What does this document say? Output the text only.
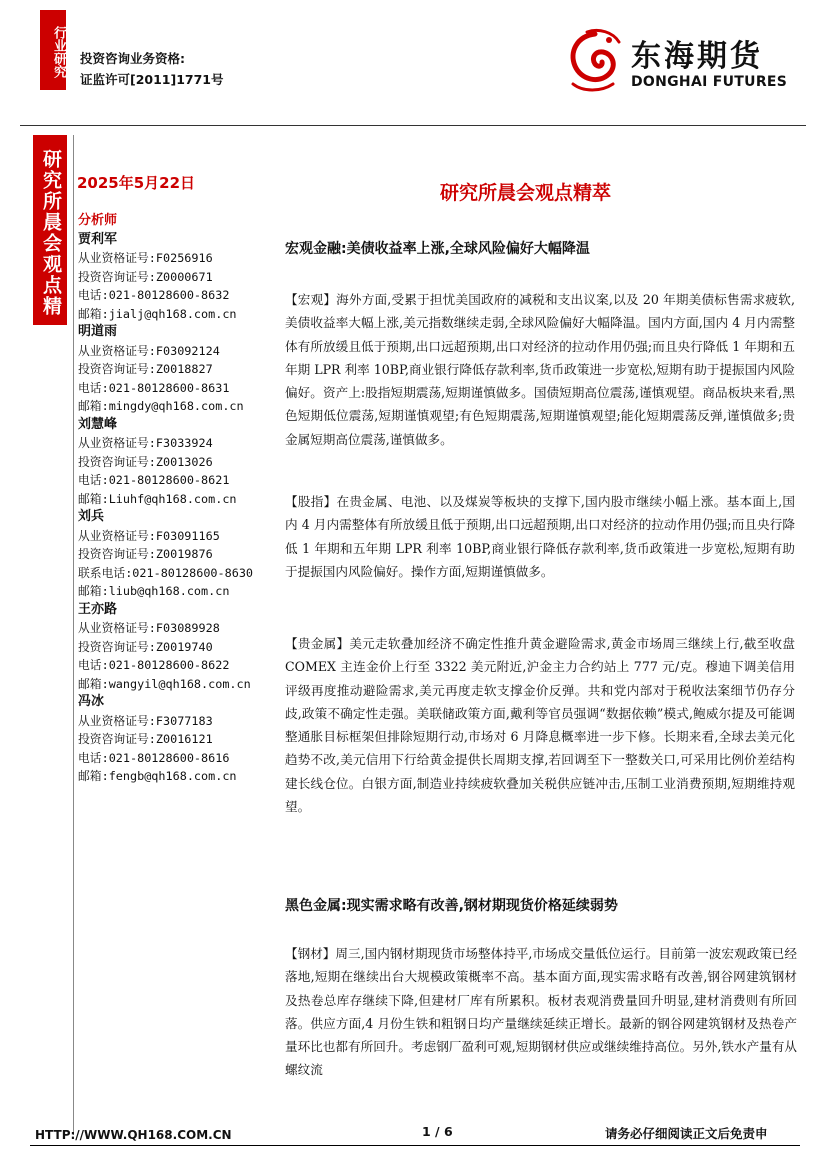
行业研究 投资咨询业务资格:
证监许可[2011]1771号
东海期货
DONGHAI FUTURES
研究所晨会观点精萃
2025年5月22日	研究所晨会观点精萃
分析师
贾利军
从业资格证号:F0256916
投资咨询证号:Z0000671
电话:021-80128600-8632
邮箱:jialj@qh168.com.cn
明道雨
从业资格证号:F03092124
投资咨询证号:Z0018827
电话:021-80128600-8631
邮箱:mingdy@qh168.com.cn
刘慧峰
从业资格证号:F3033924
投资咨询证号:Z0013026
电话:021-80128600-8621
邮箱:Liuhf@qh168.com.cn
刘兵
从业资格证号:F03091165
投资咨询证号:Z0019876
联系电话:021-80128600-8630
邮箱:liub@qh168.com.cn
王亦路
从业资格证号:F03089928
投资咨询证号:Z0019740
电话:021-80128600-8622
邮箱:wangyil@qh168.com.cn
冯冰
从业资格证号:F3077183
投资咨询证号:Z0016121
电话:021-80128600-8616
邮箱:fengb@qh168.com.cn
宏观金融:美债收益率上涨,全球风险偏好大幅降温
【宏观】海外方面,受累于担忧美国政府的减税和支出议案,以及 20 年期美债标售需求疲软,美债收益率大幅上涨,美元指数继续走弱,全球风险偏好大幅降温。国内方面,国内 4 月内需整体有所放缓且低于预期,出口远超预期,出口对经济的拉动作用仍强;而且央行降低 1 年期和五年期 LPR 利率 10BP,商业银行降低存款利率,货币政策进一步宽松,短期有助于提振国内风险偏好。资产上:股指短期震荡,短期谨慎做多。国债短期高位震荡,谨慎观望。商品板块来看,黑色短期低位震荡,短期谨慎观望;有色短期震荡,短期谨慎观望;能化短期震荡反弹,谨慎做多;贵金属短期高位震荡,谨慎做多。
【股指】在贵金属、电池、以及煤炭等板块的支撑下,国内股市继续小幅上涨。基本面上,国内 4 月内需整体有所放缓且低于预期,出口远超预期,出口对经济的拉动作用仍强;而且央行降低 1 年期和五年期 LPR 利率 10BP,商业银行降低存款利率,货币政策进一步宽松,短期有助于提振国内风险偏好。操作方面,短期谨慎做多。
【贵金属】美元走软叠加经济不确定性推升黄金避险需求,黄金市场周三继续上行,截至收盘 COMEX 主连金价上行至 3322 美元附近,沪金主力合约站上 777 元/克。穆迪下调美信用评级再度推动避险需求,美元再度走软支撑金价反弹。共和党内部对于税收法案细节仍存分歧,政策不确定性走强。美联储政策方面,戴利等官员强调“数据依赖”模式,鲍威尔提及可能调整通胀目标框架但排除短期行动,市场对 6 月降息概率进一步下修。长期来看,全球去美元化趋势不改,美元信用下行给黄金提供长周期支撑,若回调至下一整数关口,可采用比例价差结构建长线仓位。白银方面,制造业持续疲软叠加关税供应链冲击,压制工业消费预期,短期维持观望。
黑色金属:现实需求略有改善,钢材期现货价格延续弱势
【钢材】周三,国内钢材期现货市场整体持平,市场成交量低位运行。目前第一波宏观政策已经落地,短期在继续出台大规模政策概率不高。基本面方面,现实需求略有改善,钢谷网建筑钢材及热卷总库存继续下降,但建材厂库有所累积。板材表观消费量回升明显,建材消费则有所回落。供应方面,4 月份生铁和粗钢日均产量继续延续正增长。最新的钢谷网建筑钢材及热卷产量环比也都有所回升。考虑钢厂盈利可观,短期钢材供应或继续维持高位。另外,铁水产量有从螺纹流
HTTP://WWW.QH168.COM.CN	1 / 6	请务必仔细阅读正文后免责申
